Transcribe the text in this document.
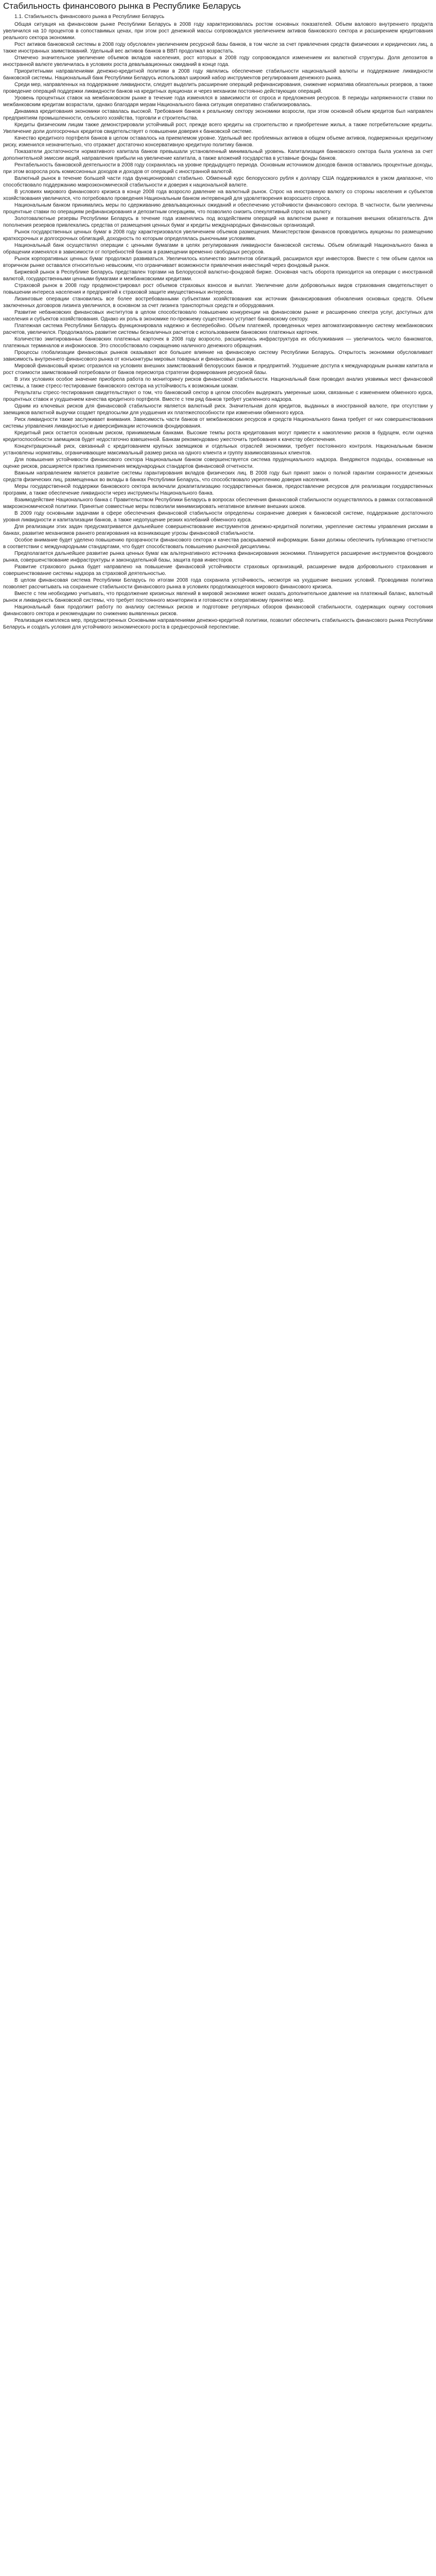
Стабильность финансового рынка в Республике Беларусь

1.1. Стабильность финансового рынка в Республике Беларусь

Общая ситуация на финансовом рынке Республики Беларусь в 2008 году характеризовалась ростом основных показателей. Объем валового внутреннего продукта увеличился на 10 процентов в сопоставимых ценах, при этом рост денежной массы сопровождался увеличением активов банковского сектора и расширением кредитования реального сектора экономики.

Рост активов банковской системы в 2008 году обусловлен увеличением ресурсной базы банков, в том числе за счет привлечения средств физических и юридических лиц, а также иностранных заимствований. Удельный вес активов банков в ВВП продолжал возрастать.

Отмечено значительное увеличение объемов вкладов населения, рост которых в 2008 году сопровождался изменением их валютной структуры. Доля депозитов в иностранной валюте увеличилась в условиях роста девальвационных ожиданий в конце года.

Приоритетными направлениями денежно-кредитной политики в 2008 году являлись обеспечение стабильности национальной валюты и поддержание ликвидности банковской системы. Национальный банк Республики Беларусь использовал широкий набор инструментов регулирования денежного рынка.

Среди мер, направленных на поддержание ликвидности, следует выделить расширение операций рефинансирования, снижение норматива обязательных резервов, а также проведение операций поддержки ликвидности банков на кредитных аукционах и через механизм постоянно действующих операций.

Уровень процентных ставок на межбанковском рынке в течение года изменялся в зависимости от спроса и предложения ресурсов. В периоды напряженности ставки по межбанковским кредитам возрастали, однако благодаря мерам Национального банка ситуация оперативно стабилизировалась.

Динамика кредитования экономики оставалась высокой. Требования банков к реальному сектору экономики возросли, при этом основной объем кредитов был направлен предприятиям промышленности, сельского хозяйства, торговли и строительства.

Кредиты физическим лицам также демонстрировали устойчивый рост, прежде всего кредиты на строительство и приобретение жилья, а также потребительские кредиты. Увеличение доли долгосрочных кредитов свидетельствует о повышении доверия к банковской системе.

Качество кредитного портфеля банков в целом оставалось на приемлемом уровне. Удельный вес проблемных активов в общем объеме активов, подверженных кредитному риску, изменился незначительно, что отражает достаточно консервативную кредитную политику банков.

Показатели достаточности нормативного капитала банков превышали установленный минимальный уровень. Капитализация банковского сектора была усилена за счет дополнительной эмиссии акций, направления прибыли на увеличение капитала, а также вложений государства в уставные фонды банков.

Рентабельность банковской деятельности в 2008 году сохранялась на уровне предыдущего периода. Основным источником доходов банков оставались процентные доходы, при этом возросла роль комиссионных доходов и доходов от операций с иностранной валютой.

Валютный рынок в течение большей части года функционировал стабильно. Обменный курс белорусского рубля к доллару США поддерживался в узком диапазоне, что способствовало поддержанию макроэкономической стабильности и доверия к национальной валюте.

В условиях мирового финансового кризиса в конце 2008 года возросло давление на валютный рынок. Спрос на иностранную валюту со стороны населения и субъектов хозяйствования увеличился, что потребовало проведения Национальным банком интервенций для удовлетворения возросшего спроса.

Национальным банком принимались меры по сдерживанию девальвационных ожиданий и обеспечению устойчивости финансового сектора. В частности, были увеличены процентные ставки по операциям рефинансирования и депозитным операциям, что позволило снизить спекулятивный спрос на валюту.

Золотовалютные резервы Республики Беларусь в течение года изменялись под воздействием операций на валютном рынке и погашения внешних обязательств. Для пополнения резервов привлекались средства от размещения ценных бумаг и кредиты международных финансовых организаций.

Рынок государственных ценных бумаг в 2008 году характеризовался увеличением объемов размещения. Министерством финансов проводились аукционы по размещению краткосрочных и долгосрочных облигаций, доходность по которым определялась рыночными условиями.

Национальный банк осуществлял операции с ценными бумагами в целях регулирования ликвидности банковской системы. Объем облигаций Национального банка в обращении изменялся в зависимости от потребностей банков в размещении временно свободных ресурсов.

Рынок корпоративных ценных бумаг продолжал развиваться. Увеличилось количество эмитентов облигаций, расширился круг инвесторов. Вместе с тем объем сделок на вторичном рынке оставался относительно невысоким, что ограничивает возможности привлечения инвестиций через фондовый рынок.

Биржевой рынок в Республике Беларусь представлен торгами на Белорусской валютно-фондовой бирже. Основная часть оборота приходится на операции с иностранной валютой, государственными ценными бумагами и межбанковскими кредитами.

Страховой рынок в 2008 году продемонстрировал рост объемов страховых взносов и выплат. Увеличение доли добровольных видов страхования свидетельствует о повышении интереса населения и предприятий к страховой защите имущественных интересов.

Лизинговые операции становились все более востребованными субъектами хозяйствования как источник финансирования обновления основных средств. Объем заключенных договоров лизинга увеличился, в основном за счет лизинга транспортных средств и оборудования.

Развитие небанковских финансовых институтов в целом способствовало повышению конкуренции на финансовом рынке и расширению спектра услуг, доступных для населения и субъектов хозяйствования. Однако их роль в экономике по-прежнему существенно уступает банковскому сектору.

Платежная система Республики Беларусь функционировала надежно и бесперебойно. Объем платежей, проведенных через автоматизированную систему межбанковских расчетов, увеличился. Продолжалось развитие системы безналичных расчетов с использованием банковских платежных карточек.

Количество эмитированных банковских платежных карточек в 2008 году возросло, расширилась инфраструктура их обслуживания — увеличилось число банкоматов, платежных терминалов и инфокиосков. Это способствовало сокращению наличного денежного обращения.

Процессы глобализации финансовых рынков оказывают все большее влияние на финансовую систему Республики Беларусь. Открытость экономики обусловливает зависимость внутреннего финансового рынка от конъюнктуры мировых товарных и финансовых рынков.

Мировой финансовый кризис отразился на условиях внешних заимствований белорусских банков и предприятий. Ухудшение доступа к международным рынкам капитала и рост стоимости заимствований потребовали от банков пересмотра стратегии формирования ресурсной базы.

В этих условиях особое значение приобрела работа по мониторингу рисков финансовой стабильности. Национальный банк проводил анализ уязвимых мест финансовой системы, а также стресс-тестирование банковского сектора на устойчивость к возможным шокам.

Результаты стресс-тестирования свидетельствуют о том, что банковский сектор в целом способен выдержать умеренные шоки, связанные с изменением обменного курса, процентных ставок и ухудшением качества кредитного портфеля. Вместе с тем ряд банков требует усиленного надзора.

Одним из ключевых рисков для финансовой стабильности является валютный риск. Значительная доля кредитов, выданных в иностранной валюте, при отсутствии у заемщиков валютной выручки создает предпосылки для ухудшения их платежеспособности при изменении обменного курса.

Риск ликвидности также заслуживает внимания. Зависимость части банков от межбанковских ресурсов и средств Национального банка требует от них совершенствования системы управления ликвидностью и диверсификации источников фондирования.

Кредитный риск остается основным риском, принимаемым банками. Высокие темпы роста кредитования могут привести к накоплению рисков в будущем, если оценка кредитоспособности заемщиков будет недостаточно взвешенной. Банкам рекомендовано ужесточить требования к качеству обеспечения.

Концентрационный риск, связанный с кредитованием крупных заемщиков и отдельных отраслей экономики, требует постоянного контроля. Национальным банком установлены нормативы, ограничивающие максимальный размер риска на одного клиента и группу взаимосвязанных клиентов.

Для повышения устойчивости финансового сектора Национальным банком совершенствуется система пруденциального надзора. Внедряются подходы, основанные на оценке рисков, расширяется практика применения международных стандартов финансовой отчетности.

Важным направлением является развитие системы гарантирования вкладов физических лиц. В 2008 году был принят закон о полной гарантии сохранности денежных средств физических лиц, размещенных во вклады в банках Республики Беларусь, что способствовало укреплению доверия населения.

Меры государственной поддержки банковского сектора включали докапитализацию государственных банков, предоставление ресурсов для реализации государственных программ, а также обеспечение ликвидности через инструменты Национального банка.

Взаимодействие Национального банка с Правительством Республики Беларусь в вопросах обеспечения финансовой стабильности осуществлялось в рамках согласованной макроэкономической политики. Принятые совместные меры позволили минимизировать негативное влияние внешних шоков.

В 2009 году основными задачами в сфере обеспечения финансовой стабильности определены сохранение доверия к банковской системе, поддержание достаточного уровня ликвидности и капитализации банков, а также недопущение резких колебаний обменного курса.

Для реализации этих задач предусматривается дальнейшее совершенствование инструментов денежно-кредитной политики, укрепление системы управления рисками в банках, развитие механизмов раннего реагирования на возникающие угрозы финансовой стабильности.

Особое внимание будет уделено повышению прозрачности финансового сектора и качества раскрываемой информации. Банки должны обеспечить публикацию отчетности в соответствии с международными стандартами, что будет способствовать повышению рыночной дисциплины.

Предполагается дальнейшее развитие рынка ценных бумаг как альтернативного источника финансирования экономики. Планируется расширение инструментов фондового рынка, совершенствование инфраструктуры и законодательной базы, защита прав инвесторов.

Развитие страхового рынка будет направлено на повышение финансовой устойчивости страховых организаций, расширение видов добровольного страхования и совершенствование системы надзора за страховой деятельностью.

В целом финансовая система Республики Беларусь по итогам 2008 года сохранила устойчивость, несмотря на ухудшение внешних условий. Проводимая политика позволяет рассчитывать на сохранение стабильности финансового рынка в условиях продолжающегося мирового финансового кризиса.

Вместе с тем необходимо учитывать, что продолжение кризисных явлений в мировой экономике может оказать дополнительное давление на платежный баланс, валютный рынок и ликвидность банковской системы, что требует постоянного мониторинга и готовности к оперативному принятию мер.

Национальный банк продолжит работу по анализу системных рисков и подготовке регулярных обзоров финансовой стабильности, содержащих оценку состояния финансового сектора и рекомендации по снижению выявленных рисков.

Реализация комплекса мер, предусмотренных Основными направлениями денежно-кредитной политики, позволит обеспечить стабильность финансового рынка Республики Беларусь и создать условия для устойчивого экономического роста в среднесрочной перспективе.
